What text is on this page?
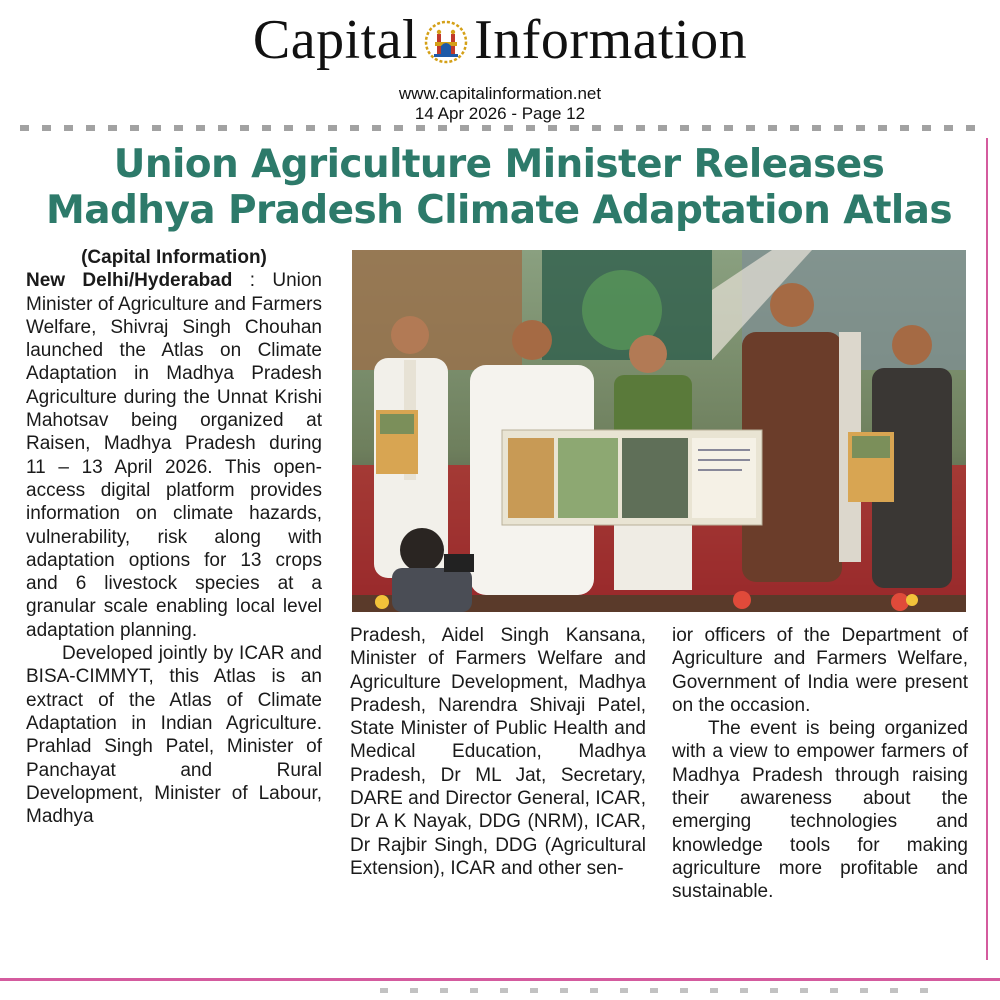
Capital Information
www.capitalinformation.net
14 Apr 2026 - Page 12
Union Agriculture Minister Releases
Madhya Pradesh Climate Adaptation Atlas

(Capital Information)

New Delhi/Hyderabad : Union Minister of Agriculture and Farmers Welfare, Shivraj Singh Chouhan launched the Atlas on Climate Adaptation in Madhya Pradesh Agriculture during the Unnat Krishi Mahotsav being organized at Raisen, Madhya Pradesh during 11 – 13 April 2026. This open-access digital platform provides information on climate hazards, vulnerability, risk along with adaptation options for 13 crops and 6 livestock species at a granular scale enabling local level adaptation planning.

Developed jointly by ICAR and BISA-CIMMYT, this Atlas is an extract of the Atlas of Climate Adaptation in Indian Agriculture. Prahlad Singh Patel, Minister of Panchayat and Rural Development, Minister of Labour, Madhya

Pradesh, Aidel Singh Kansana, Minister of Farmers Welfare and Agriculture Development, Madhya Pradesh, Narendra Shivaji Patel, State Minister of Public Health and Medical Education, Madhya Pradesh, Dr ML Jat, Secretary, DARE and Director General, ICAR, Dr A K Nayak, DDG (NRM), ICAR, Dr Rajbir Singh, DDG (Agricultural Extension), ICAR and other sen-

ior officers of the Department of Agriculture and Farmers Welfare, Government of India were present on the occasion.

The event is being organized with a view to empower farmers of Madhya Pradesh through raising their awareness about the emerging technologies and knowledge tools for making agriculture more profitable and sustainable.
